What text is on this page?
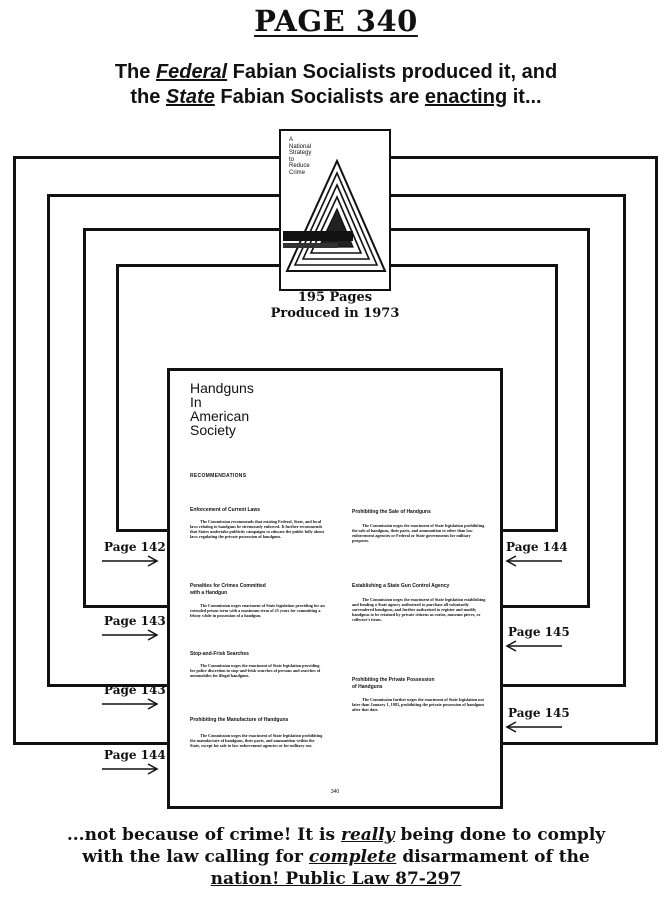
PAGE 340
The Federal Fabian Socialists produced it, and
the State Fabian Socialists are enacting it...
A
National
Strategy
to
Reduce
Crime
195 Pages
Produced in 1973
Handguns
In
American
Society
RECOMMENDATIONS
Enforcement of Current Laws
The Commission recommends that existing Federal, State, and local laws relating to handguns be strenuously enforced. It further recommends that States undertake publicity campaigns to educate the public fully about laws regulating the private possession of handguns.
Penalties for Crimes Committed
with a Handgun
The Commission urges enactment of State legislation providing for an extended prison term with a maximum term of 25 years for committing a felony while in possession of a handgun.
Stop-and-Frisk Searches
The Commission urges the enactment of State legislation providing for police discretion in stop-and-frisk searches of persons and searches of automobiles for illegal handguns.
Prohibiting the Manufacture of Handguns
The Commission urges the enactment of State legislation prohibiting the manufacture of handguns, their parts, and ammunition within the State, except for sale to law enforcement agencies or for military use.
Prohibiting the Sale of Handguns
The Commission urges the enactment of State legislation prohibiting the sale of handguns, their parts, and ammunition to other than law enforcement agencies or Federal or State governments for military purposes.
Establishing a State Gun Control Agency
The Commission urges the enactment of State legislation establishing and funding a State agency authorized to purchase all voluntarily surrendered handguns, and further authorized to register and modify handguns to be retained by private citizens as curios, museum pieces, or collector's items.
Prohibiting the Private Possession
of Handguns
The Commission further urges the enactment of State legislation not later than January 1, 1983, prohibiting the private possession of handguns after that date.
340
Page 142
Page 143
Page 143
Page 144
Page 144
Page 145
Page 145
...not because of crime! It is really being done to comply
with the law calling for complete disarmament of the
nation! Public Law 87-297
